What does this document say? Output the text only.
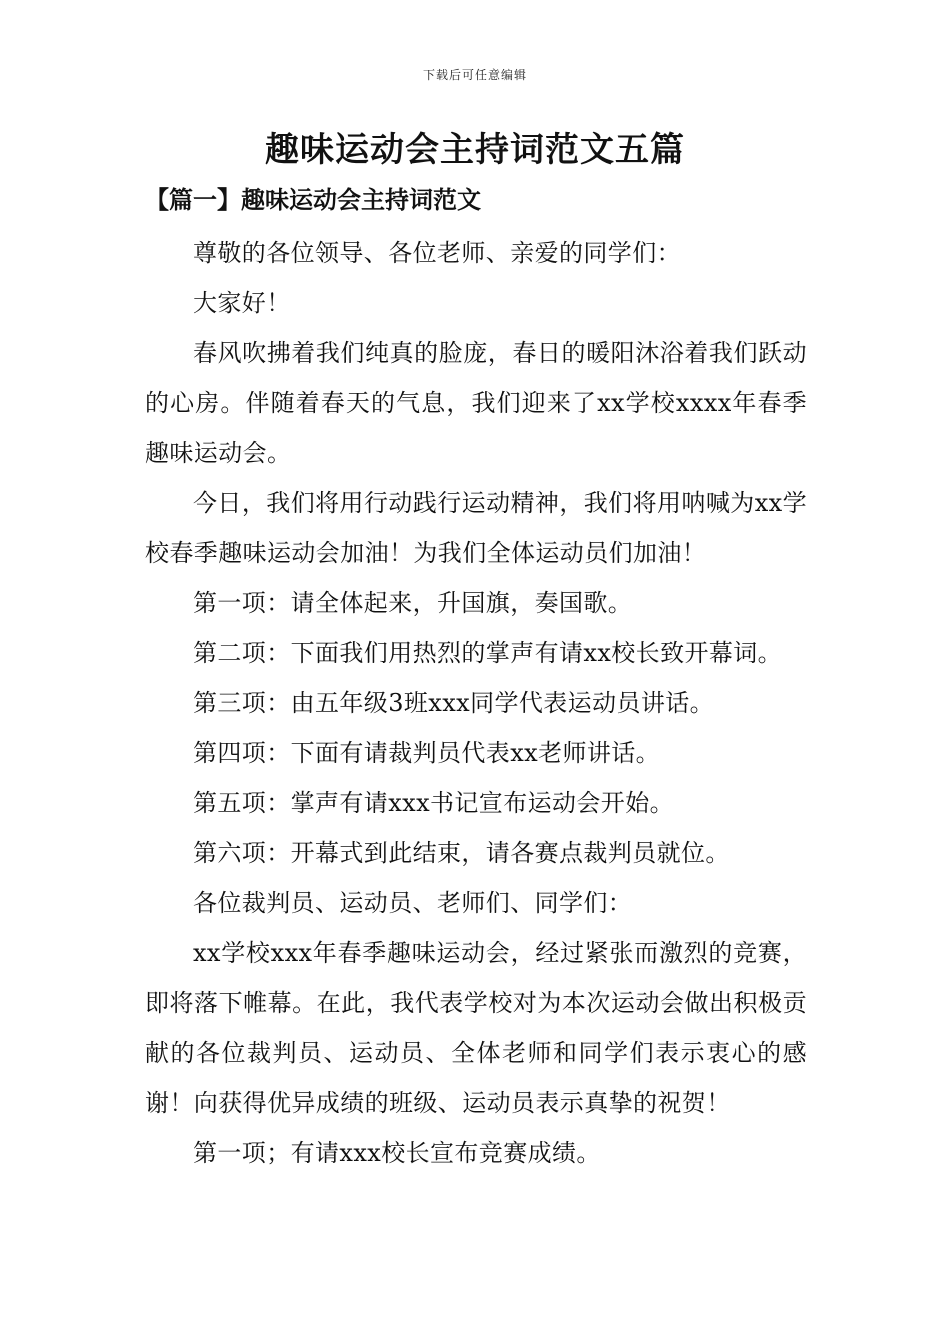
下载后可任意编辑
趣味运动会主持词范文五篇
【篇一】趣味运动会主持词范文

尊敬的各位领导、各位老师、亲爱的同学们：

大家好！

春风吹拂着我们纯真的脸庞，春日的暖阳沐浴着我们跃动的心房。伴随着春天的气息，我们迎来了xx学校xxxx年春季趣味运动会。

今日，我们将用行动践行运动精神，我们将用呐喊为xx学校春季趣味运动会加油！为我们全体运动员们加油！

第一项：请全体起来，升国旗，奏国歌。

第二项：下面我们用热烈的掌声有请xx校长致开幕词。

第三项：由五年级3班xxx同学代表运动员讲话。

第四项：下面有请裁判员代表xx老师讲话。

第五项：掌声有请xxx书记宣布运动会开始。

第六项：开幕式到此结束，请各赛点裁判员就位。

各位裁判员、运动员、老师们、同学们：

xx学校xxx年春季趣味运动会，经过紧张而激烈的竞赛，即将落下帷幕。在此，我代表学校对为本次运动会做出积极贡献的各位裁判员、运动员、全体老师和同学们表示衷心的感谢！向获得优异成绩的班级、运动员表示真挚的祝贺！

第一项；有请xxx校长宣布竞赛成绩。
